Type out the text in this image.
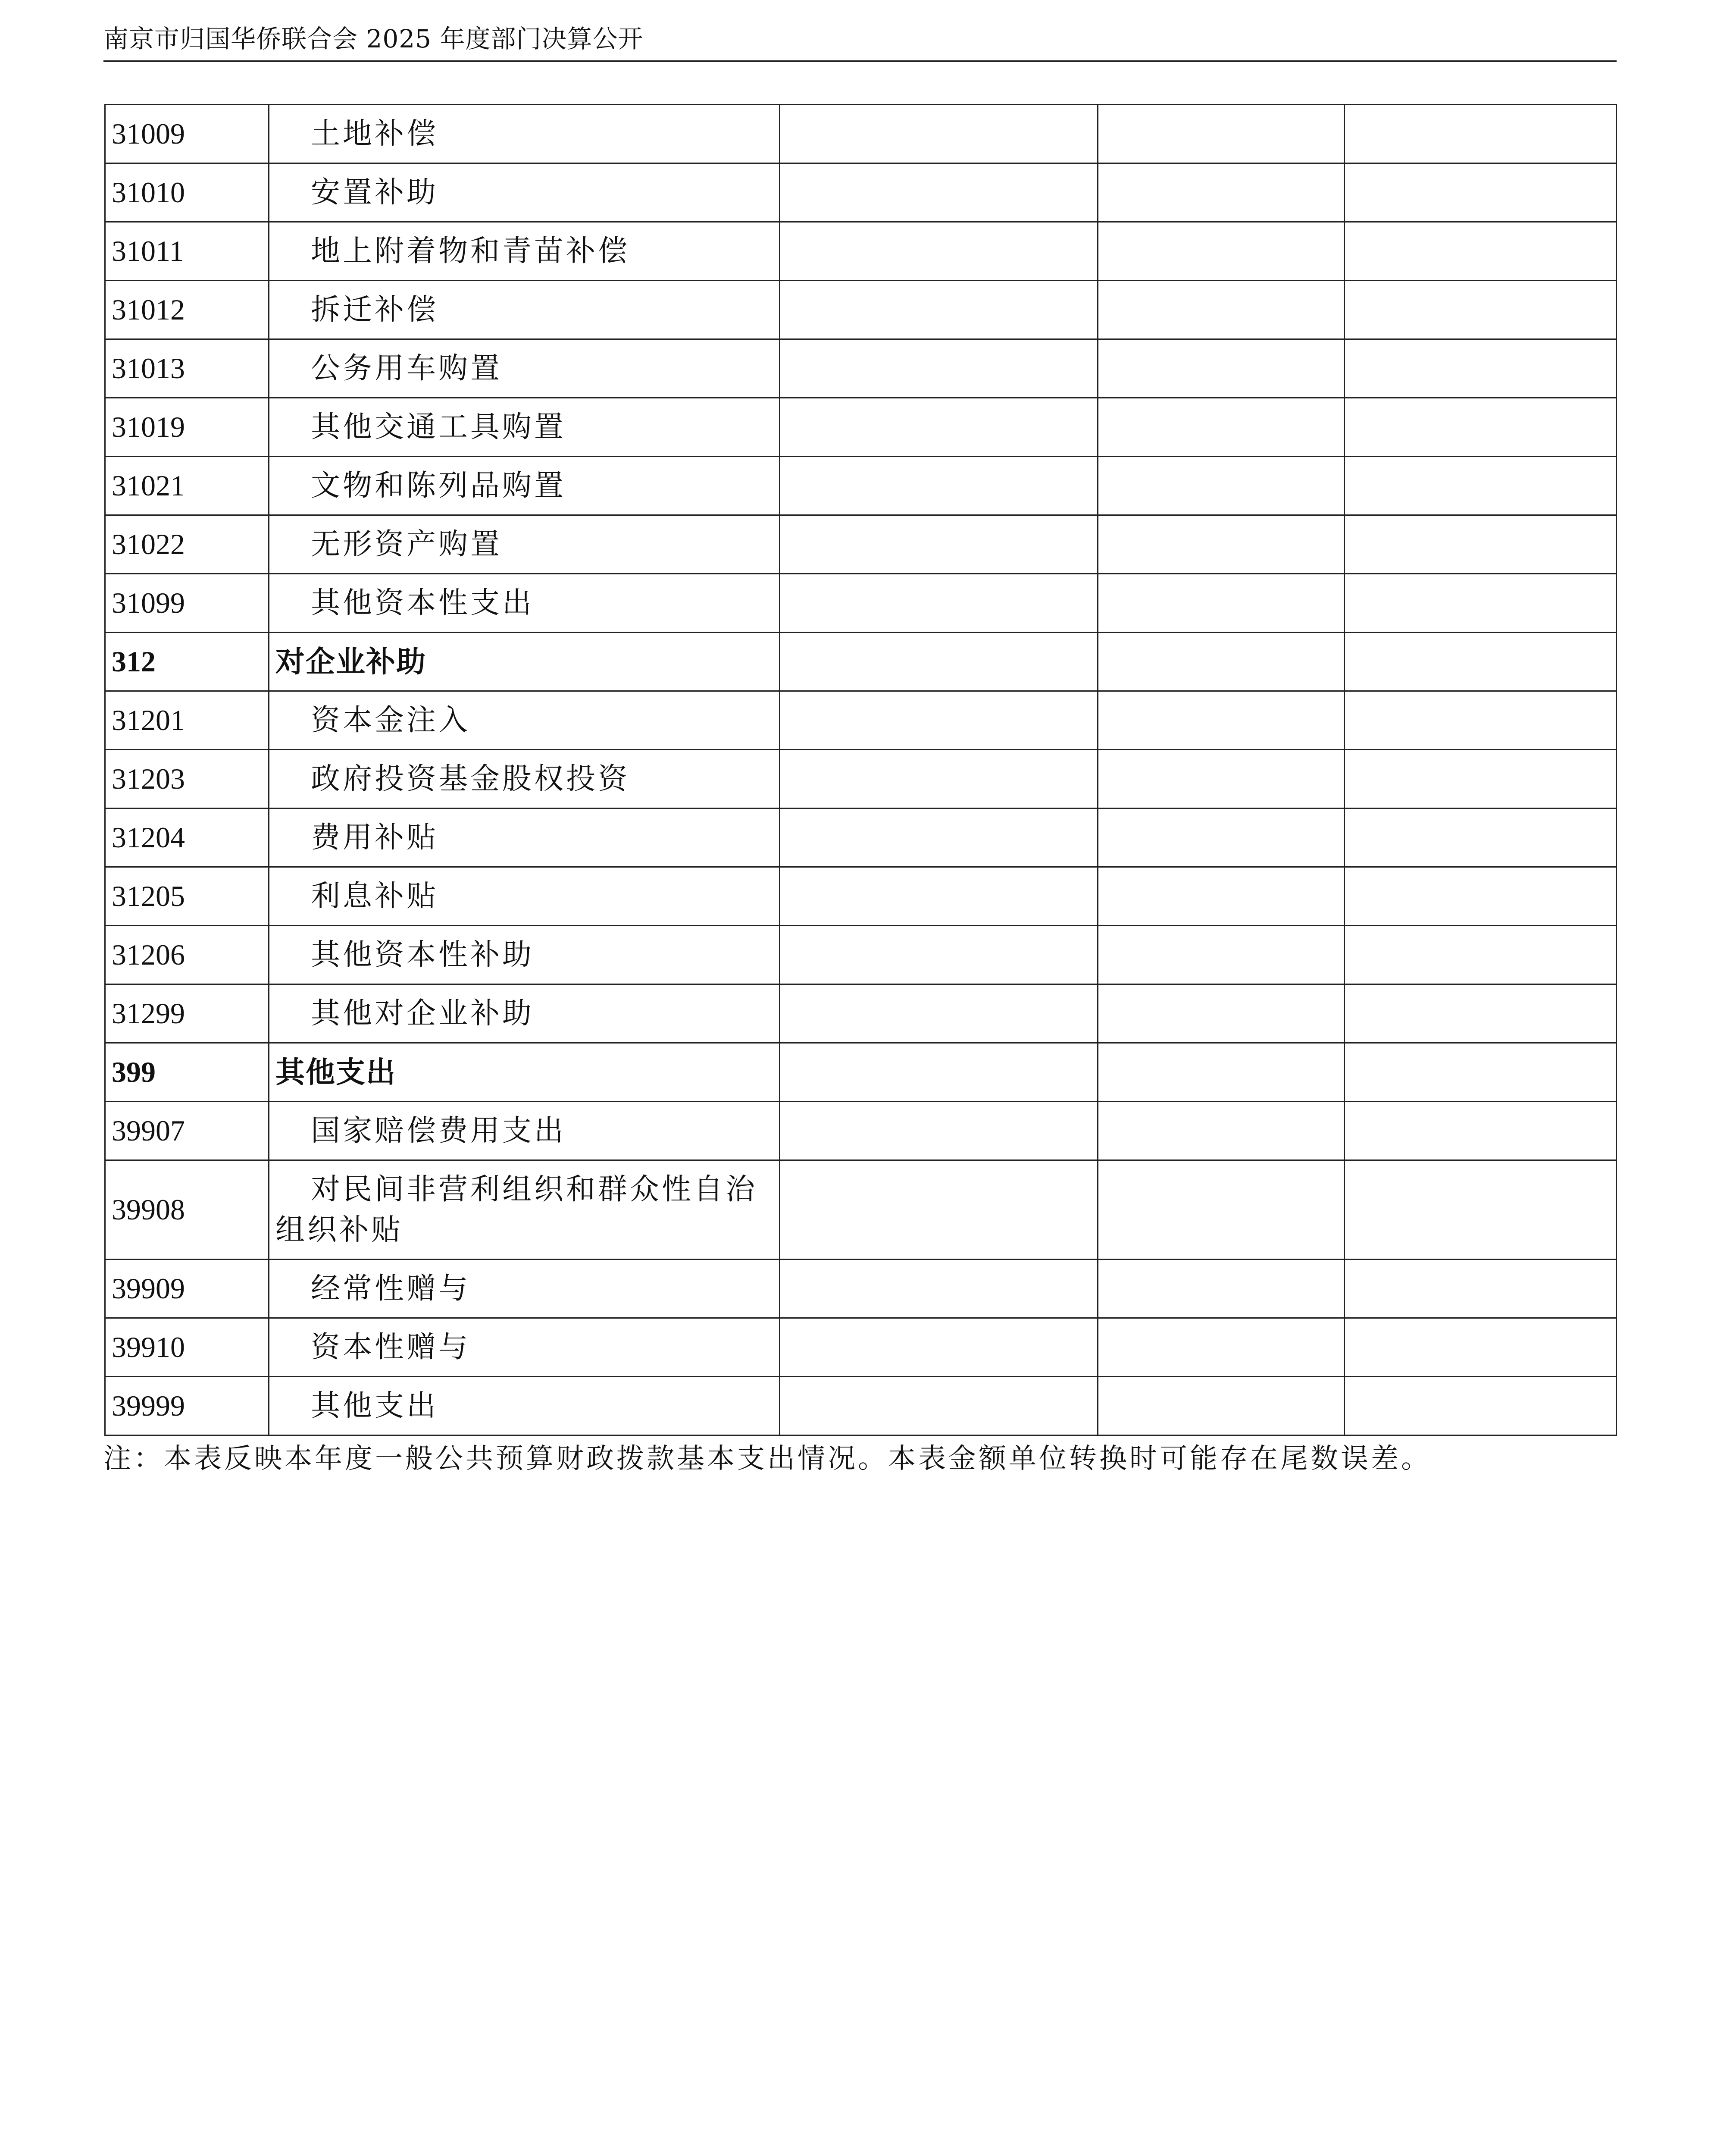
南京市归国华侨联合会 2025 年度部门决算公开
31009	土地补偿			
31010	安置补助			
31011	地上附着物和青苗补偿			
31012	拆迁补偿			
31013	公务用车购置			
31019	其他交通工具购置			
31021	文物和陈列品购置			
31022	无形资产购置			
31099	其他资本性支出			
312	对企业补助			
31201	资本金注入			
31203	政府投资基金股权投资			
31204	费用补贴			
31205	利息补贴			
31206	其他资本性补助			
31299	其他对企业补助			
399	其他支出			
39907	国家赔偿费用支出			
39908	对民间非营利组织和群众性自治组织补贴			
39909	经常性赠与			
39910	资本性赠与			
39999	其他支出			
注：本表反映本年度一般公共预算财政拨款基本支出情况。本表金额单位转换时可能存在尾数误差。
